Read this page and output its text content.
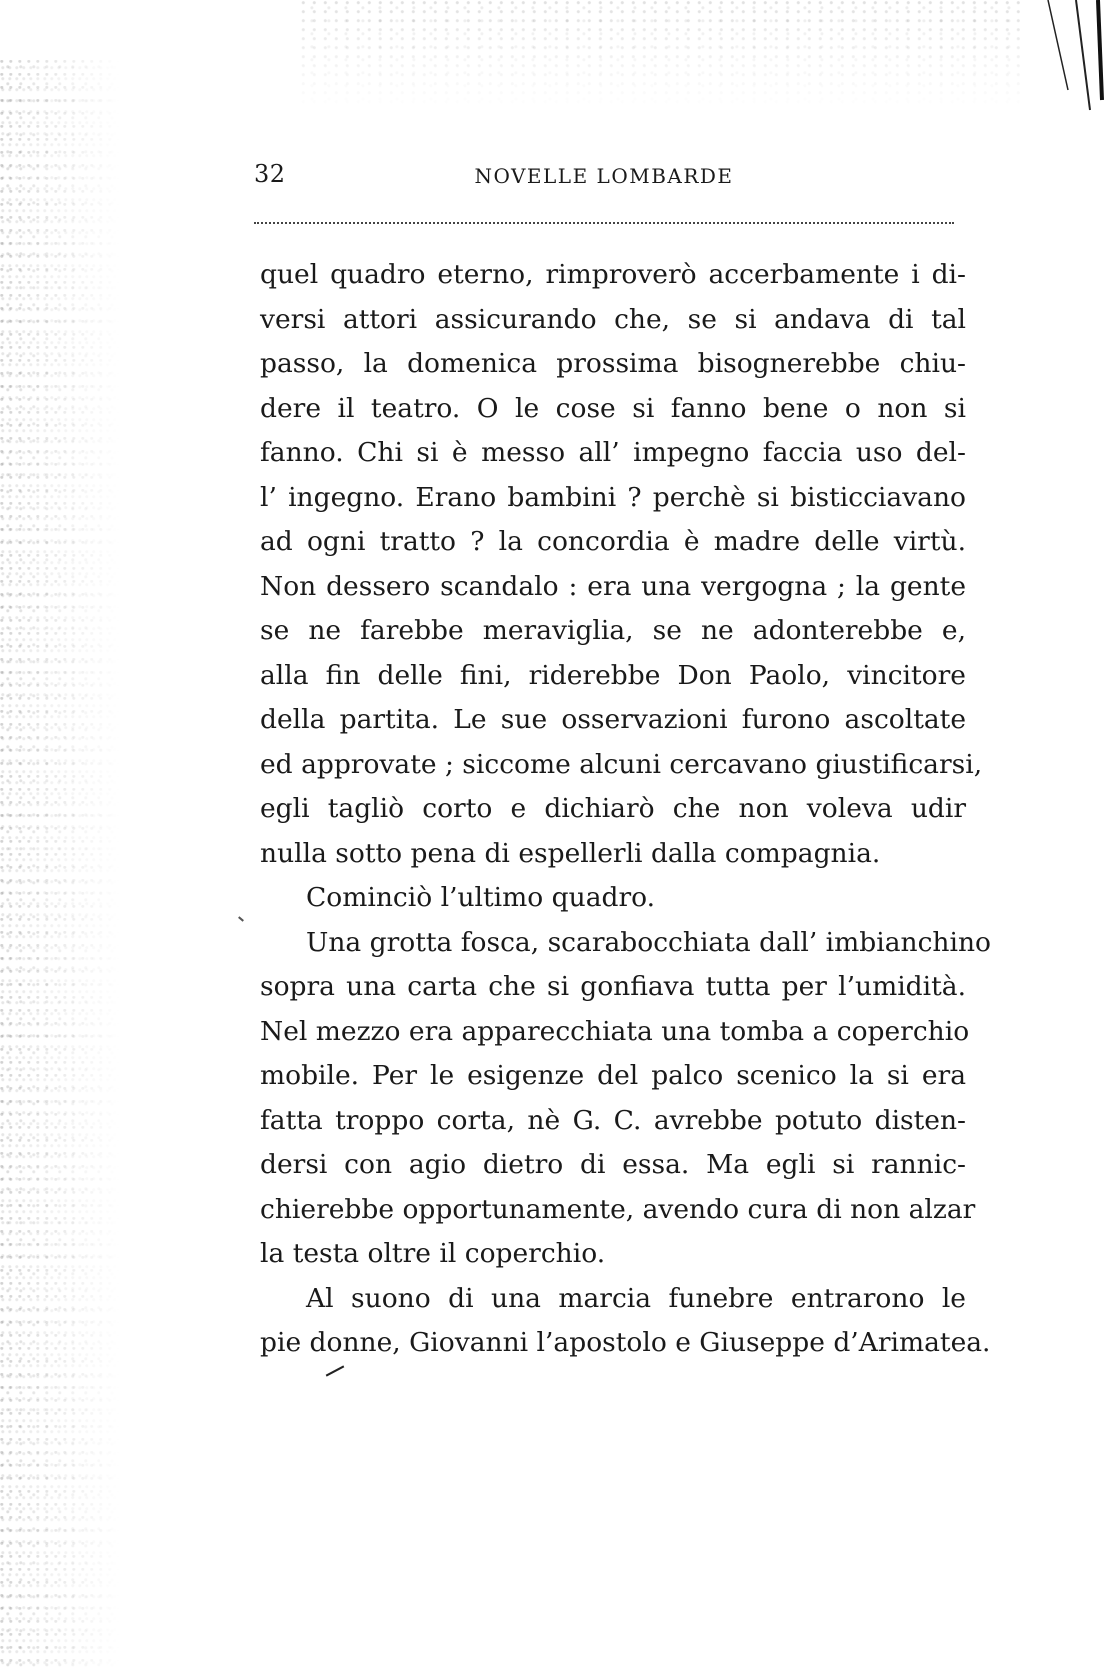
32	NOVELLE LOMBARDE
quel quadro eterno, rimproverò accerbamente i di-
versi attori assicurando che, se si andava di tal
passo, la domenica prossima bisognerebbe chiu-
dere il teatro. O le cose si fanno bene o non si
fanno. Chi si è messo all’ impegno faccia uso del-
l’ ingegno. Erano bambini ? perchè si bisticciavano
ad ogni tratto ? la concordia è madre delle virtù.
Non dessero scandalo : era una vergogna ; la gente
se ne farebbe meraviglia, se ne adonterebbe e,
alla fin delle fini, riderebbe Don Paolo, vincitore
della partita. Le sue osservazioni furono ascoltate
ed approvate ; siccome alcuni cercavano giustificarsi,
egli tagliò corto e dichiarò che non voleva udir
nulla sotto pena di espellerli dalla compagnia.
Cominciò l’ultimo quadro.
Una grotta fosca, scarabocchiata dall’ imbianchino
sopra una carta che si gonfiava tutta per l’umidità.
Nel mezzo era apparecchiata una tomba a coperchio
mobile. Per le esigenze del palco scenico la si era
fatta troppo corta, nè G. C. avrebbe potuto disten-
dersi con agio dietro di essa. Ma egli si rannic-
chierebbe opportunamente, avendo cura di non alzar
la testa oltre il coperchio.
Al suono di una marcia funebre entrarono le
pie donne, Giovanni l’apostolo e Giuseppe d’Arimatea.
